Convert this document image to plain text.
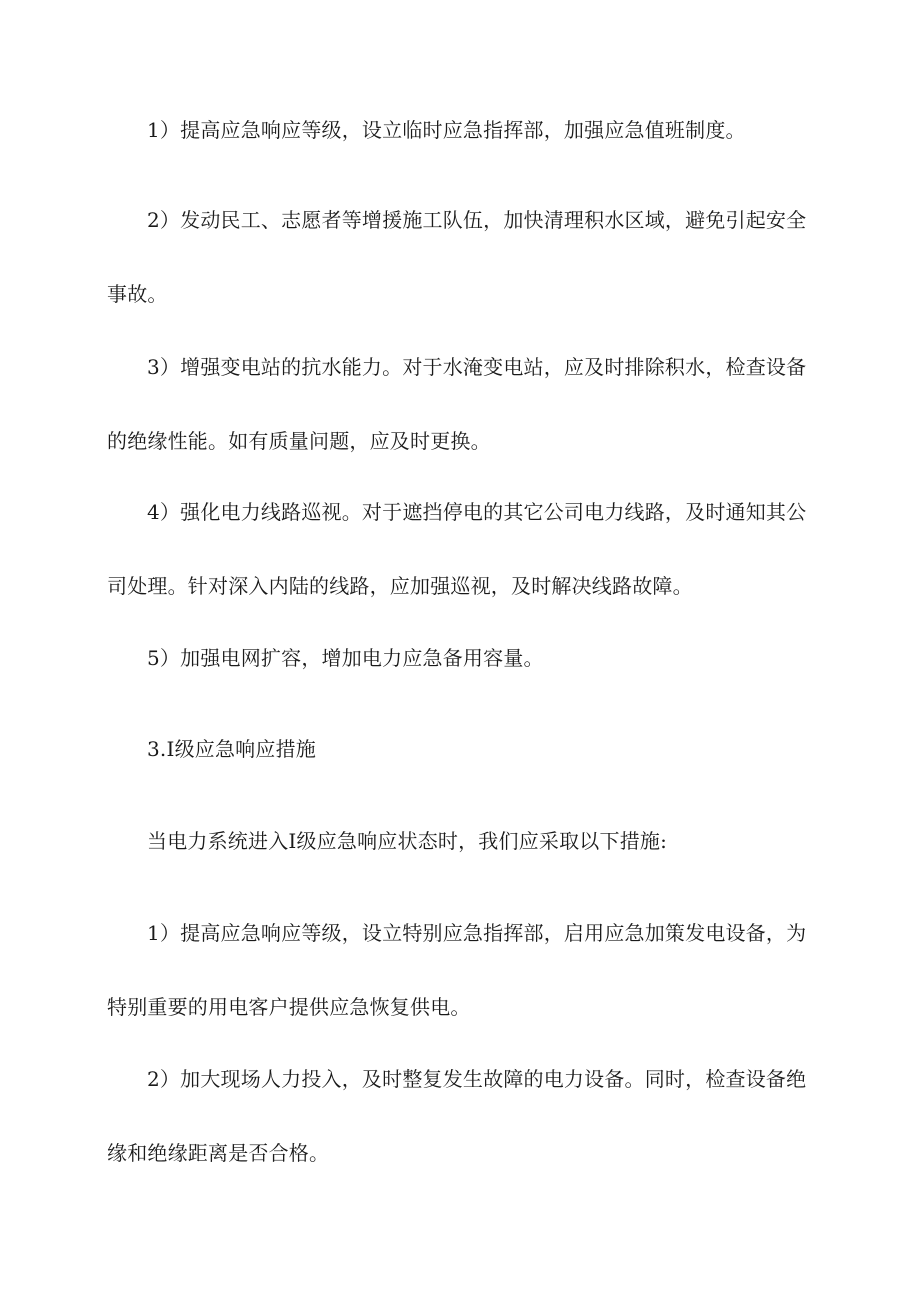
1）提高应急响应等级，设立临时应急指挥部，加强应急值班制度。

2）发动民工、志愿者等增援施工队伍，加快清理积水区域，避免引起安全
事故。

3）增强变电站的抗水能力。对于水淹变电站，应及时排除积水，检查设备
的绝缘性能。如有质量问题，应及时更换。

4）强化电力线路巡视。对于遮挡停电的其它公司电力线路，及时通知其公
司处理。针对深入内陆的线路，应加强巡视，及时解决线路故障。

5）加强电网扩容，增加电力应急备用容量。

3.Ⅰ级应急响应措施

当电力系统进入Ⅰ级应急响应状态时，我们应采取以下措施:

1）提高应急响应等级，设立特别应急指挥部，启用应急加策发电设备，为
特别重要的用电客户提供应急恢复供电。

2）加大现场人力投入，及时整复发生故障的电力设备。同时，检查设备绝
缘和绝缘距离是否合格。
